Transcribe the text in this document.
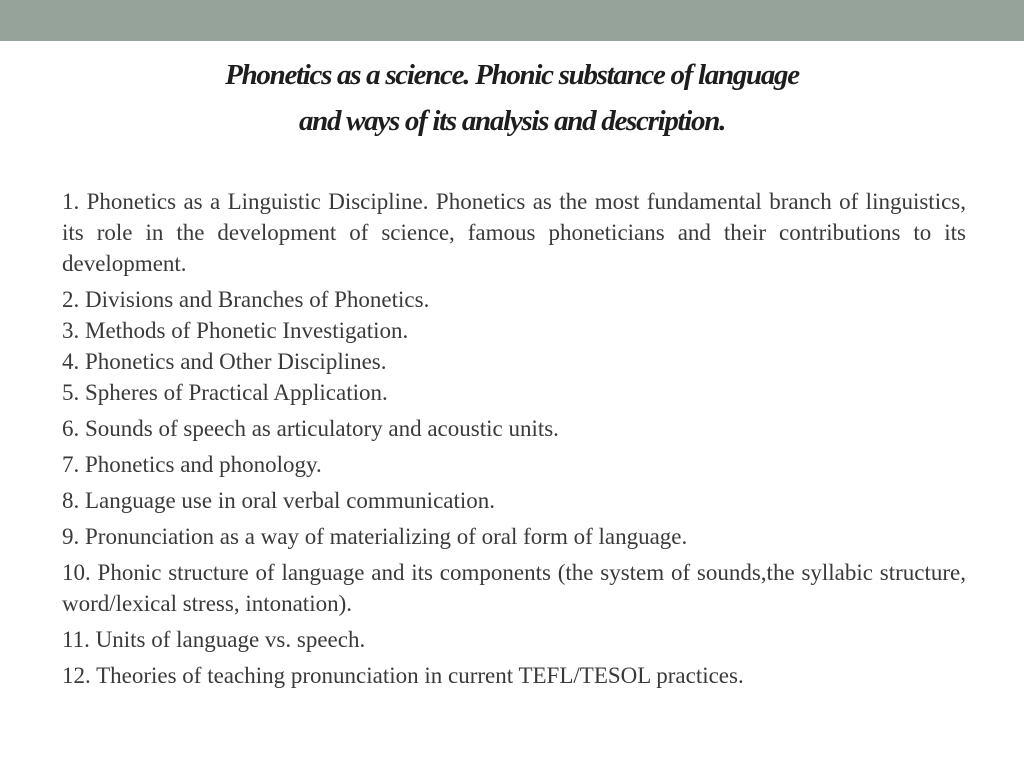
Phonetics as a science. Phonic substance of language
and ways of its analysis and description.

1. Phonetics as a Linguistic Discipline. Phonetics as the most fundamental branch of linguistics, its role in the development of science, famous phoneticians and their contributions to its development.

2. Divisions and Branches of Phonetics.

3. Methods of Phonetic Investigation.

4. Phonetics and Other Disciplines.

5. Spheres of Practical Application.

6. Sounds of speech as articulatory and acoustic units.

7. Phonetics and phonology.

8. Language use in oral verbal communication.

9. Pronunciation as a way of materializing of oral form of language.

10. Phonic structure of language and its components (the system of sounds,the syllabic structure, word/lexical stress, intonation).

11. Units of language vs. speech.

12. Theories of teaching pronunciation in current TEFL/TESOL practices.
